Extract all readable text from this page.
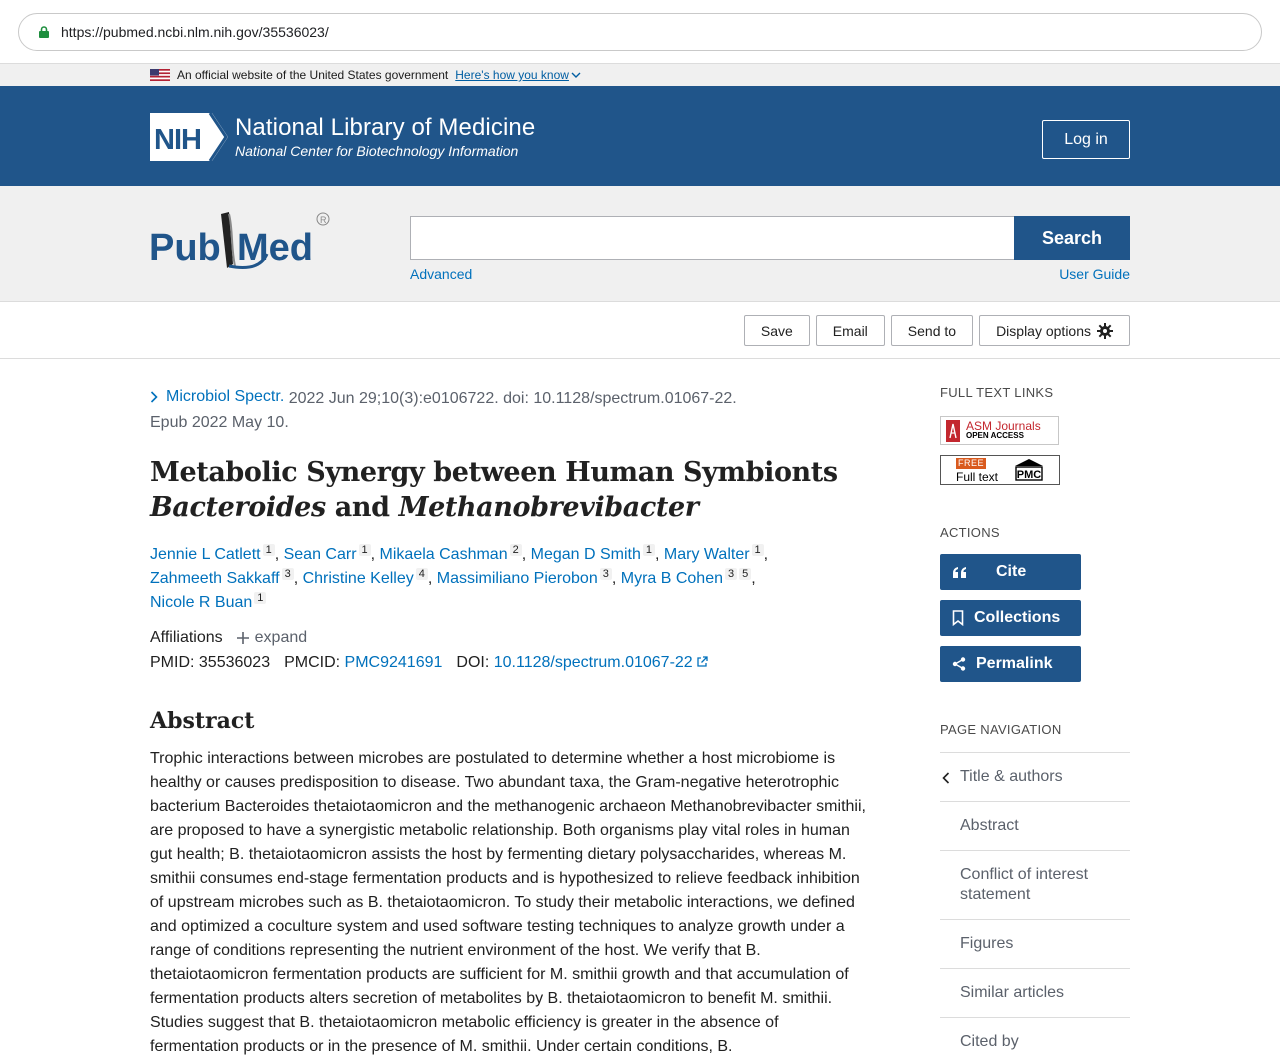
https://pubmed.ncbi.nlm.nih.gov/35536023/
An official website of the United States government Here's how you know
NIH National Library of Medicine
National Center for Biotechnology Information
Log in
Pub Med
R
Search
Advanced	User Guide
Save	Email	Send to	Display options
Microbiol Spectr. 2022 Jun 29;10(3):e0106722. doi: 10.1128/spectrum.01067-22.
Epub 2022 May 10.
Metabolic Synergy between Human Symbionts
Bacteroides and Methanobrevibacter
Jennie L Catlett 1 , Sean Carr 1 , Mikaela Cashman 2 , Megan D Smith 1 , Mary Walter 1 ,
Zahmeeth Sakkaff 3 , Christine Kelley 4 , Massimiliano Pierobon 3 , Myra B Cohen 3 5 ,
Nicole R Buan 1
Affiliations expand
PMID:
35536023 PMCID:
PMC9241691 DOI:
10.1128/spectrum.01067-22
Abstract

Trophic interactions between microbes are postulated to determine whether a host microbiome is healthy or causes predisposition to disease. Two abundant taxa, the Gram-negative heterotrophic bacterium Bacteroides thetaiotaomicron and the methanogenic archaeon Methanobrevibacter smithii, are proposed to have a synergistic metabolic relationship. Both organisms play vital roles in human gut health; B. thetaiotaomicron assists the host by fermenting dietary polysaccharides, whereas M. smithii consumes end-stage fermentation products and is hypothesized to relieve feedback inhibition of upstream microbes such as B. thetaiotaomicron. To study their metabolic interactions, we defined and optimized a coculture system and used software testing techniques to analyze growth under a range of conditions representing the nutrient environment of the host. We verify that B. thetaiotaomicron fermentation products are sufficient for M. smithii growth and that accumulation of fermentation products alters secretion of metabolites by B. thetaiotaomicron to benefit M. smithii. Studies suggest that B. thetaiotaomicron metabolic efficiency is greater in the absence of fermentation products or in the presence of M. smithii. Under certain conditions, B.

FULL TEXT LINKS
ASM Journals
OPEN ACCESS
FREE
Full text PMC
ACTIONS
Cite
Collections
Permalink
PAGE NAVIGATION
Title & authors
Abstract
Conflict of interest statement
Figures
Similar articles
Cited by
